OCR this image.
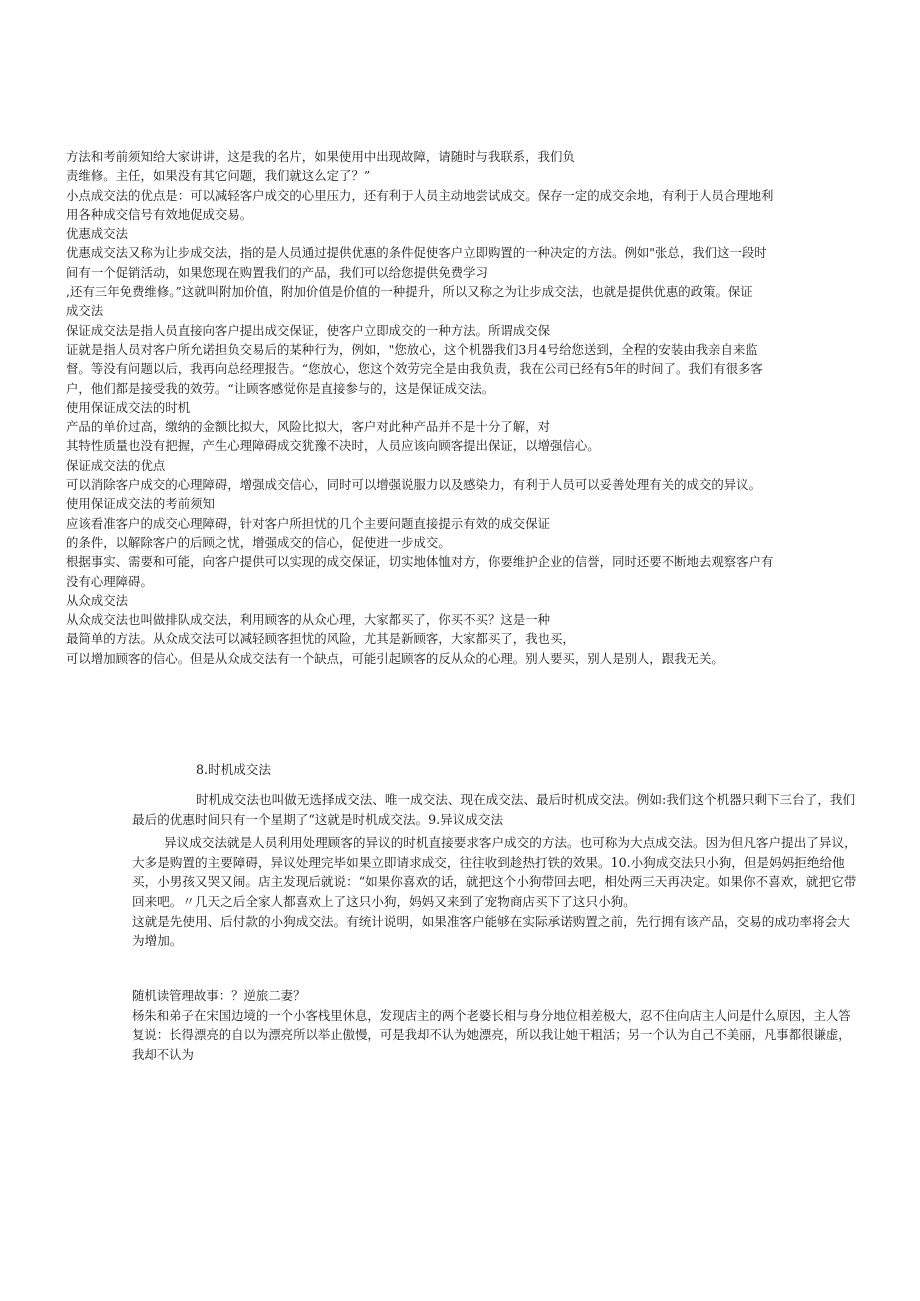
方法和考前须知给大家讲讲，这是我的名片，如果使用中出现故障，请随时与我联系，我们负
责维修。主任，如果没有其它问题，我们就这么定了？”
小点成交法的优点是：可以减轻客户成交的心里压力，还有利于人员主动地尝试成交。保存一定的成交余地，有利于人员合理地利
用各种成交信号有效地促成交易。
优惠成交法
优惠成交法又称为让步成交法，指的是人员通过提供优惠的条件促使客户立即购置的一种决定的方法。例如"张总，我们这一段时
间有一个促销活动，如果您现在购置我们的产品，我们可以给您提供免费学习
,还有三年免费维修。”这就叫附加价值，附加价值是价值的一种提升，所以又称之为让步成交法，也就是提供优惠的政策。保证
成交法
保证成交法是指人员直接向客户提出成交保证，使客户立即成交的一种方法。所谓成交保
证就是指人员对客户所允诺担负交易后的某种行为，例如，"您放心，这个机器我们3月4号给您送到，全程的安装由我亲自来监
督。等没有问题以后，我再向总经理报告。“您放心，您这个效劳完全是由我负责，我在公司已经有5年的时间了。我们有很多客
户，他们都是接受我的效劳。“让顾客感觉你是直接参与的，这是保证成交法。
使用保证成交法的时机
产品的单价过高，缴纳的金额比拟大，风险比拟大，客户对此种产品并不是十分了解，对
其特性质量也没有把握，产生心理障碍成交犹豫不决时，人员应该向顾客提出保证，以增强信心。
保证成交法的优点
可以消除客户成交的心理障碍，增强成交信心，同时可以增强说服力以及感染力，有利于人员可以妥善处理有关的成交的异议。
使用保证成交法的考前须知
应该看准客户的成交心理障碍，针对客户所担忧的几个主要问题直接提示有效的成交保证
的条件，以解除客户的后顾之忧，增强成交的信心，促使进一步成交。
根据事实、需要和可能，向客户提供可以实现的成交保证，切实地体恤对方，你要维护企业的信誉，同时还要不断地去观察客户有
没有心理障碍。
从众成交法
从众成交法也叫做排队成交法，利用顾客的从众心理，大家都买了，你买不买？这是一种
最简单的方法。从众成交法可以减轻顾客担忧的风险，尤其是新顾客，大家都买了，我也买，
可以增加顾客的信心。但是从众成交法有一个缺点，可能引起顾客的反从众的心理。别人要买，别人是别人，跟我无关。
8.时机成交法
时机成交法也叫做无选择成交法、唯一成交法、现在成交法、最后时机成交法。例如:我们这个机器只剩下三台了，我们最后的优惠时间只有一个星期了“这就是时机成交法。9.异议成交法
异议成交法就是人员利用处理顾客的异议的时机直接要求客户成交的方法。也可称为大点成交法。因为但凡客户提出了异议，大多是购置的主要障碍，异议处理完毕如果立即请求成交，往往收到趁热打铁的效果。10.小狗成交法只小狗，但是妈妈拒绝给他买，小男孩又哭又闹。店主发现后就说：“如果你喜欢的话，就把这个小狗带回去吧，相处两三天再决定。如果你不喜欢，就把它带回来吧。〃几天之后全家人都喜欢上了这只小狗，妈妈又来到了宠物商店买下了这只小狗。
这就是先使用、后付款的小狗成交法。有统计说明，如果准客户能够在实际承诺购置之前，先行拥有该产品，交易的成功率将会大为增加。
随机读管理故事：？逆旅二妻？
杨朱和弟子在宋国边境的一个小客栈里休息，发现店主的两个老婆长相与身分地位相差极大，忍不住向店主人问是什么原因，主人答复说：长得漂亮的自以为漂亮所以举止傲慢，可是我却不认为她漂亮，所以我让她干粗活；另一个认为自己不美丽，凡事都很谦虚，我却不认为
